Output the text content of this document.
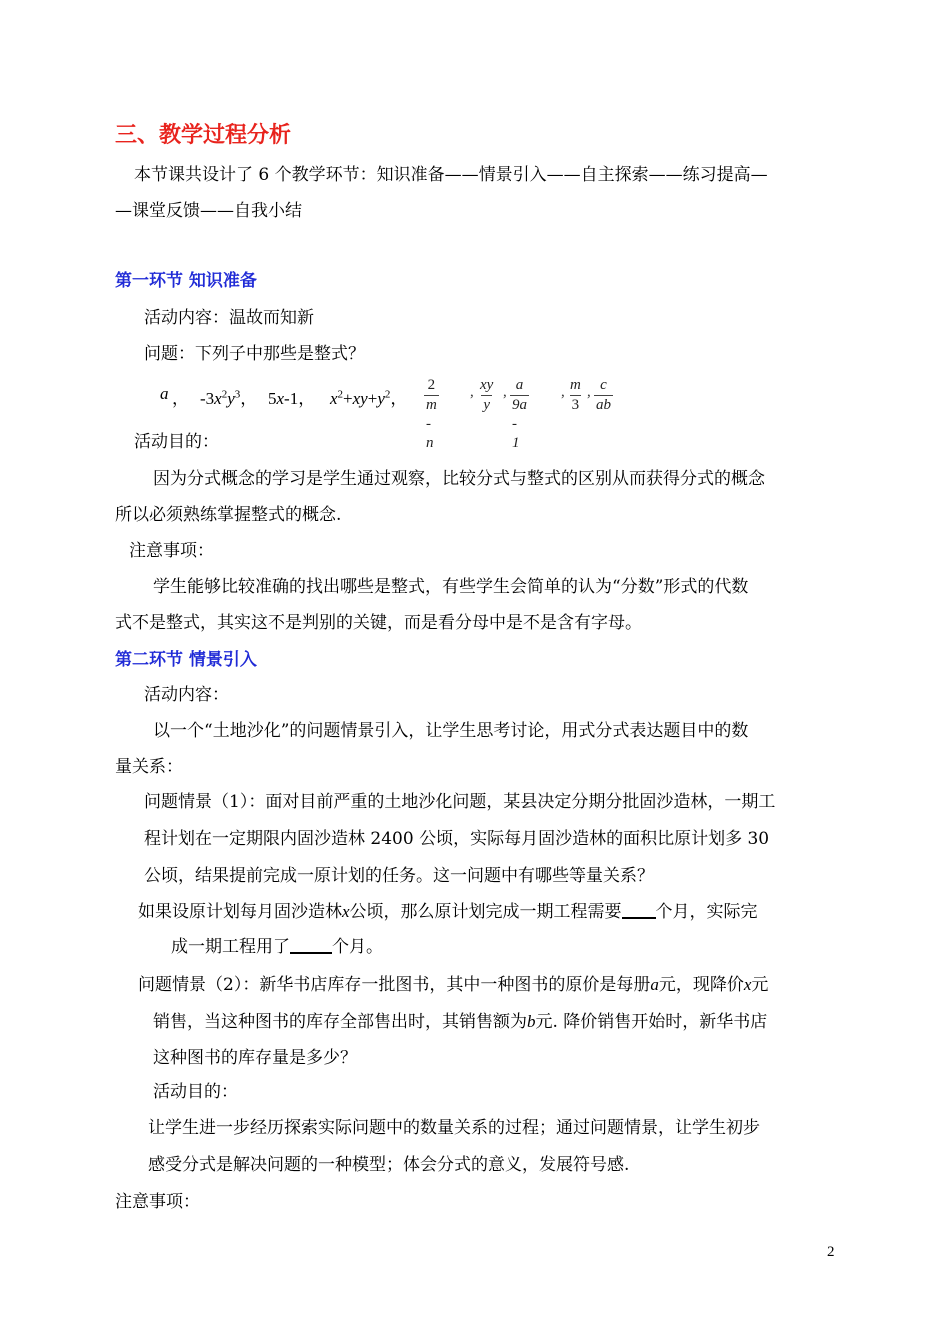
三、教学过程分析
本节课共设计了 6 个教学环节：知识准备——情景引入——自主探索——练习提高—
—课堂反馈——自我小结
第一环节 知识准备
活动内容：温故而知新
问题：下列子中那些是整式？
a ， $-3x^2y^3$， 5x-1， $x^2+xy+y^2$， $\frac{2}{m - n}$ , $\frac{xy}{y}$ , $\frac{a}{9a - 1}$ , $\frac{m}{3}$ , $\frac{c}{ab}$
活动目的：
因为分式概念的学习是学生通过观察，比较分式与整式的区别从而获得分式的概念
所以必须熟练掌握整式的概念.
注意事项：
学生能够比较准确的找出哪些是整式，有些学生会简单的认为“分数”形式的代数
式不是整式，其实这不是判别的关键，而是看分母中是不是含有字母。
第二环节 情景引入
活动内容：
以一个“土地沙化”的问题情景引入，让学生思考讨论，用式分式表达题目中的数
量关系：
问题情景（1）：面对目前严重的土地沙化问题，某县决定分期分批固沙造林，一期工
程计划在一定期限内固沙造林 2400 公顷，实际每月固沙造林的面积比原计划多 30
公顷，结果提前完成一原计划的任务。这一问题中有哪些等量关系？
如果设原计划每月固沙造林x公顷，那么原计划完成一期工程需要 个月，实际完
成一期工程用了 个月。
问题情景（2）：新华书店库存一批图书，其中一种图书的原价是每册a元，现降价x元
销售，当这种图书的库存全部售出时，其销售额为b元. 降价销售开始时，新华书店
这种图书的库存量是多少？
活动目的：
让学生进一步经历探索实际问题中的数量关系的过程；通过问题情景，让学生初步
感受分式是解决问题的一种模型；体会分式的意义，发展符号感.
注意事项：
2
